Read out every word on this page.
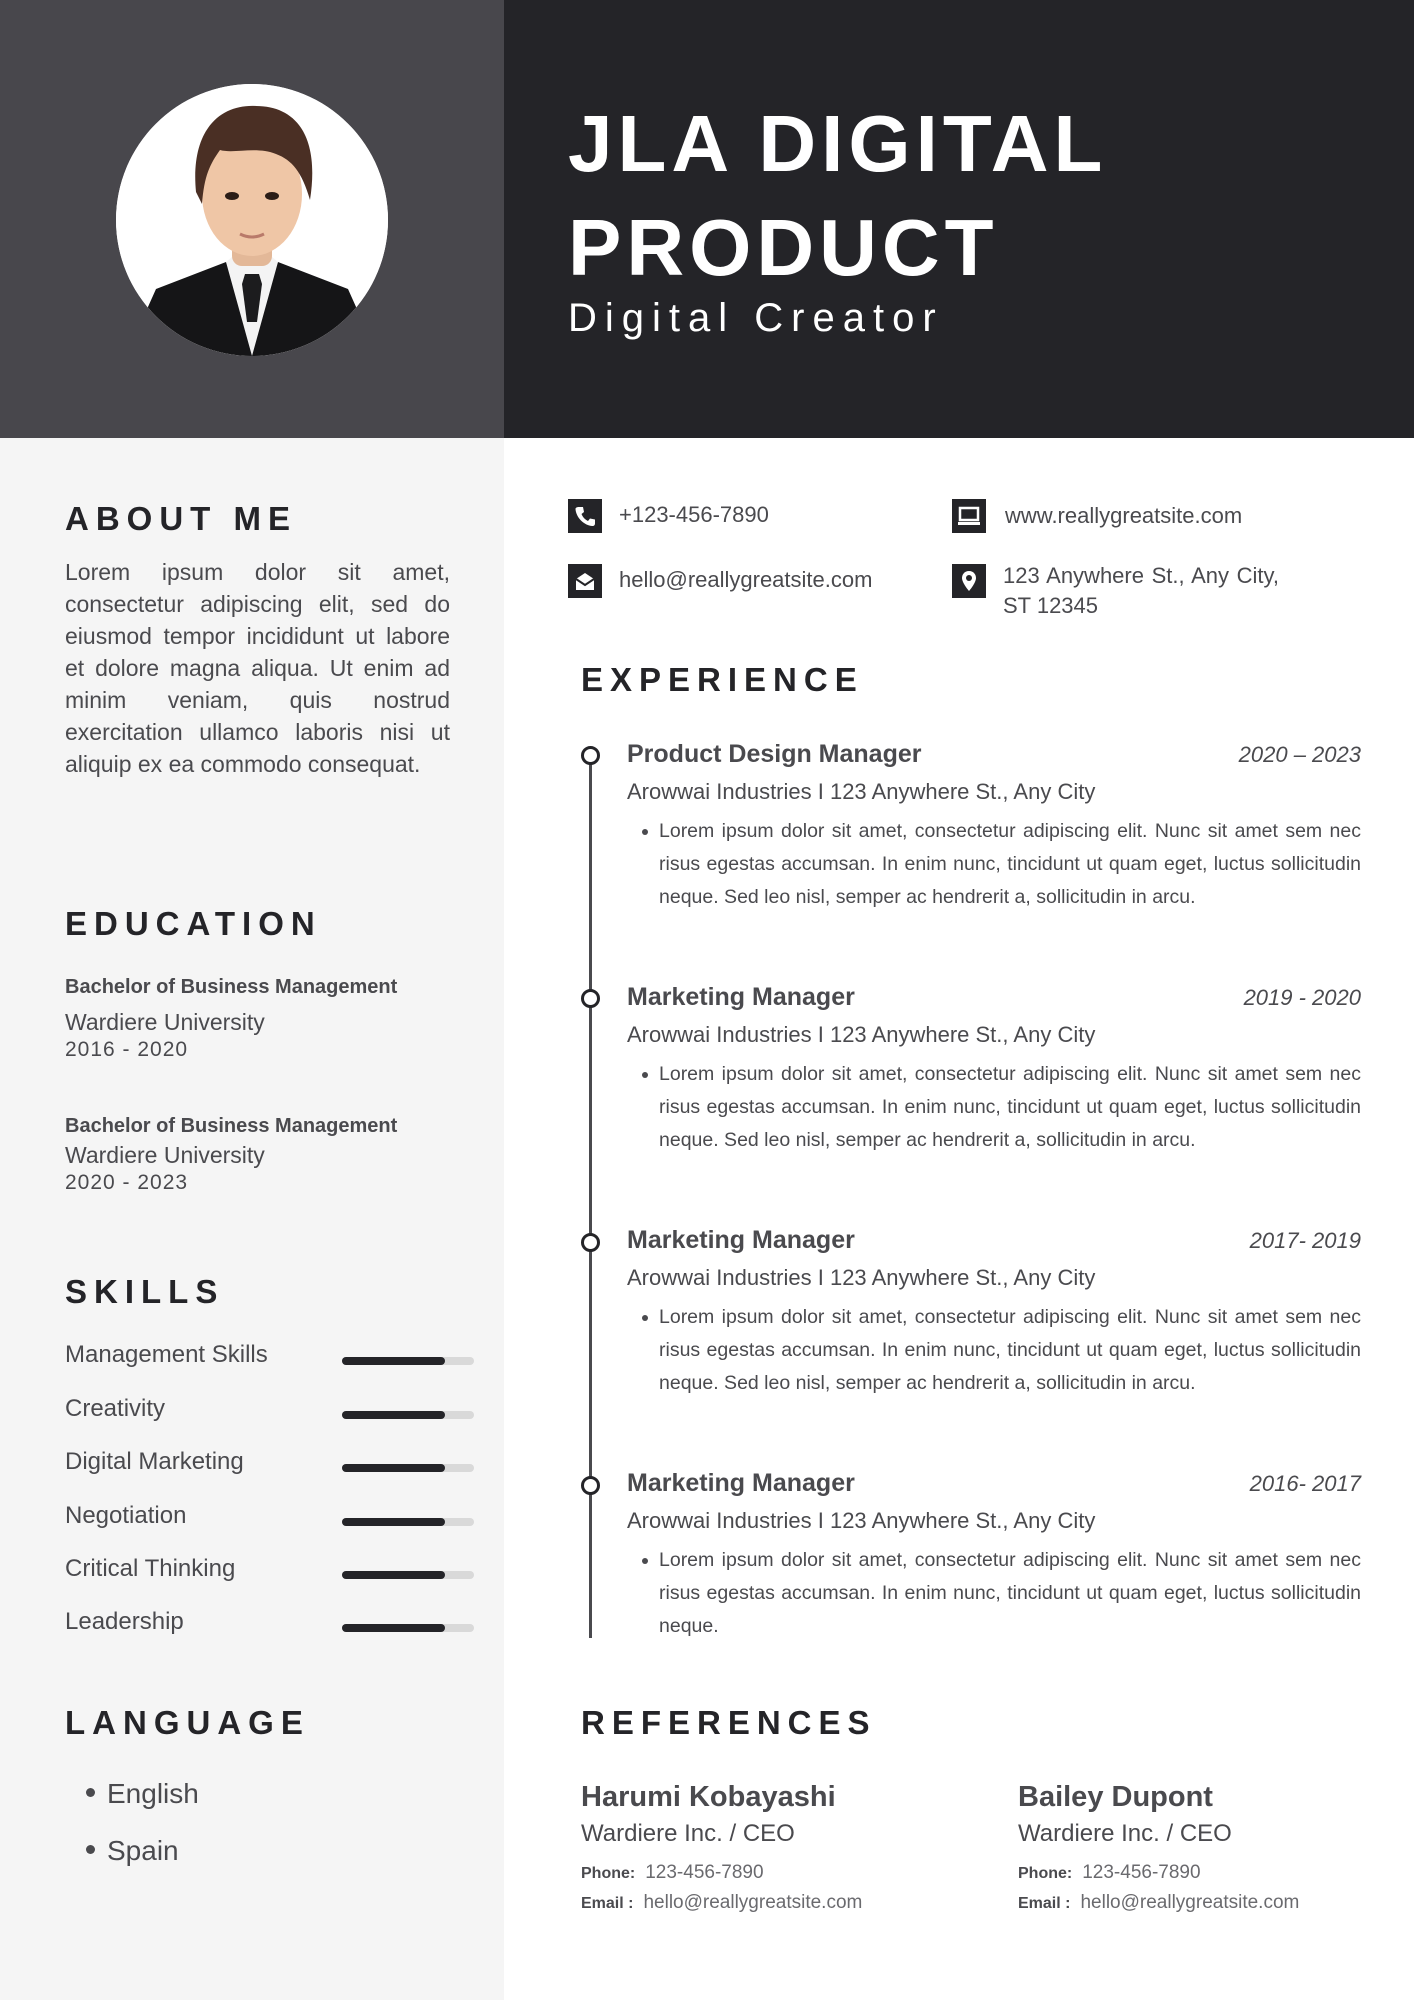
JLA DIGITAL PRODUCT
Digital Creator
ABOUT ME
Lorem ipsum dolor sit amet, consectetur adipiscing elit, sed do eiusmod tempor incididunt ut labore et dolore magna aliqua. Ut enim ad minim veniam, quis nostrud exercitation ullamco laboris nisi ut aliquip ex ea commodo consequat.
EDUCATION
Bachelor of Business Management
Wardiere University
2016 - 2020
Bachelor of Business Management
Wardiere University
2020 - 2023
SKILLS
Management Skills
Creativity
Digital Marketing
Negotiation
Critical Thinking
Leadership
LANGUAGE
English
Spain
+123-456-7890	www.reallygreatsite.com
hello@reallygreatsite.com	123 Anywhere St., Any City, ST 12345
EXPERIENCE
Product Design Manager	2020 – 2023
Arowwai Industries I 123 Anywhere St., Any City
Lorem ipsum dolor sit amet, consectetur adipiscing elit. Nunc sit amet sem nec risus egestas accumsan. In enim nunc, tincidunt ut quam eget, luctus sollicitudin neque. Sed leo nisl, semper ac hendrerit a, sollicitudin in arcu.
Marketing Manager	2019 - 2020
Arowwai Industries I 123 Anywhere St., Any City
Lorem ipsum dolor sit amet, consectetur adipiscing elit. Nunc sit amet sem nec risus egestas accumsan. In enim nunc, tincidunt ut quam eget, luctus sollicitudin neque. Sed leo nisl, semper ac hendrerit a, sollicitudin in arcu.
Marketing Manager	2017- 2019
Arowwai Industries I 123 Anywhere St., Any City
Lorem ipsum dolor sit amet, consectetur adipiscing elit. Nunc sit amet sem nec risus egestas accumsan. In enim nunc, tincidunt ut quam eget, luctus sollicitudin neque. Sed leo nisl, semper ac hendrerit a, sollicitudin in arcu.
Marketing Manager	2016- 2017
Arowwai Industries I 123 Anywhere St., Any City
Lorem ipsum dolor sit amet, consectetur adipiscing elit. Nunc sit amet sem nec risus egestas accumsan. In enim nunc, tincidunt ut quam eget, luctus sollicitudin neque.
REFERENCES
Harumi Kobayashi
Wardiere Inc. / CEO
Phone: 123-456-7890
Email : hello@reallygreatsite.com
Bailey Dupont
Wardiere Inc. / CEO
Phone: 123-456-7890
Email : hello@reallygreatsite.com
